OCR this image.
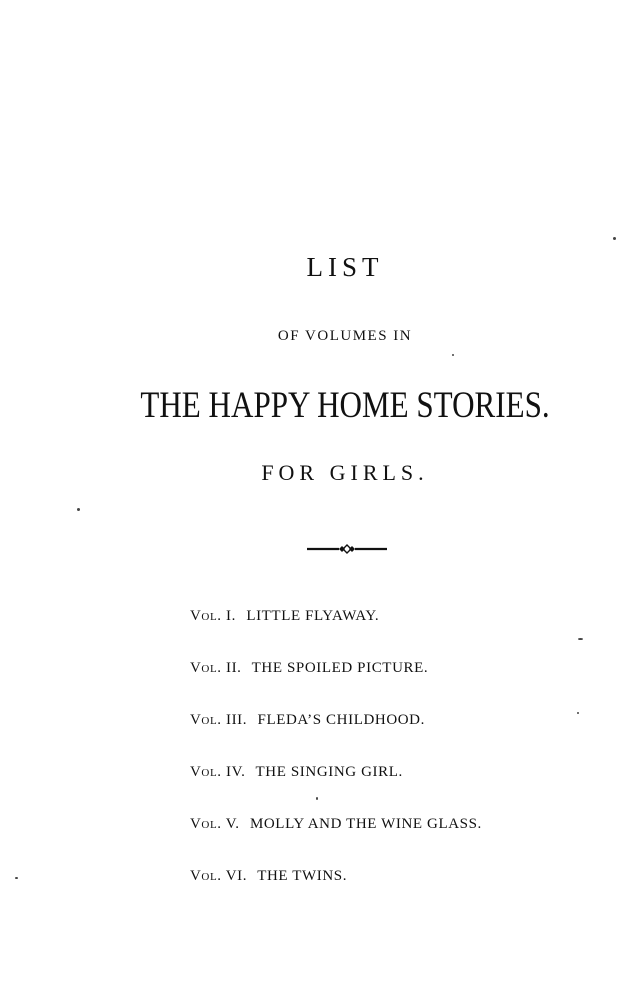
LIST
OF VOLUMES IN
THE HAPPY HOME STORIES.
FOR GIRLS.
Vol. I. LITTLE FLYAWAY.
Vol. II. THE SPOILED PICTURE.
Vol. III. FLEDA’S CHILDHOOD.
Vol. IV. THE SINGING GIRL.
Vol. V. MOLLY AND THE WINE GLASS.
Vol. VI. THE TWINS.
